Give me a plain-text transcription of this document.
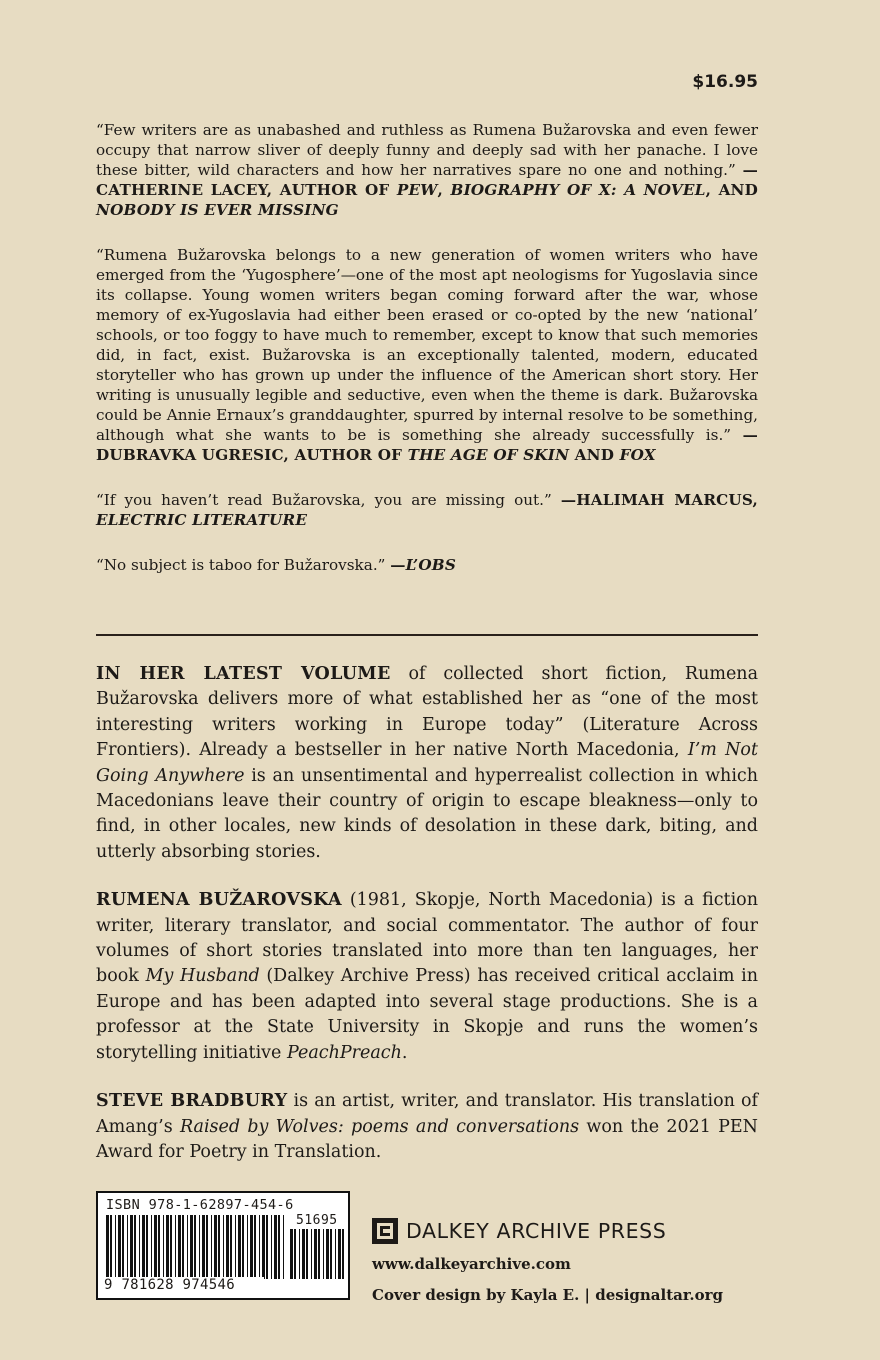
$16.95

“Few writers are as unabashed and ruthless as Rumena Bužarovska and even fewer occupy that narrow sliver of deeply funny and deeply sad with her panache. I love these bitter, wild characters and how her narratives spare no one and nothing.” —CATHERINE LACEY, AUTHOR OF PEW, BIOGRAPHY OF X: A NOVEL, AND NOBODY IS EVER MISSING

“Rumena Bužarovska belongs to a new generation of women writers who have emerged from the ‘Yugosphere’—one of the most apt neologisms for Yugoslavia since its collapse. Young women writers began coming forward after the war, whose memory of ex-Yugoslavia had either been erased or co-opted by the new ‘national’ schools, or too foggy to have much to remember, except to know that such memories did, in fact, exist. Bužarovska is an exceptionally talented, modern, educated storyteller who has grown up under the influence of the American short story. Her writing is unusually legible and seductive, even when the theme is dark. Bužarovska could be Annie Ernaux’s granddaughter, spurred by internal resolve to be something, although what she wants to be is something she already successfully is.” —DUBRAVKA UGRESIC, AUTHOR OF THE AGE OF SKIN AND FOX

“If you haven’t read Bužarovska, you are missing out.” —HALIMAH MARCUS, ELECTRIC LITERATURE

“No subject is taboo for Bužarovska.” —L’OBS

IN HER LATEST VOLUME of collected short fiction, Rumena Bužarovska delivers more of what established her as “one of the most interesting writers working in Europe today” (Literature Across Frontiers). Already a bestseller in her native North Macedonia, I’m Not Going Anywhere is an unsentimental and hyperrealist collection in which Macedonians leave their country of origin to escape bleakness—only to find, in other locales, new kinds of desolation in these dark, biting, and utterly absorbing stories.

RUMENA BUŽAROVSKA (1981, Skopje, North Macedonia) is a fiction writer, literary translator, and social commentator. The author of four volumes of short stories translated into more than ten languages, her book My Husband (Dalkey Archive Press) has received critical acclaim in Europe and has been adapted into several stage productions. She is a professor at the State University in Skopje and runs the women’s storytelling initiative PeachPreach.

STEVE BRADBURY is an artist, writer, and translator. His translation of Amang’s Raised by Wolves: poems and conversations won the 2021 PEN Award for Poetry in Translation.

ISBN 978-1-62897-454-6
51695
9 781628 974546
DALKEY ARCHIVE PRESS
www.dalkeyarchive.com
Cover design by Kayla E. | designaltar.org
